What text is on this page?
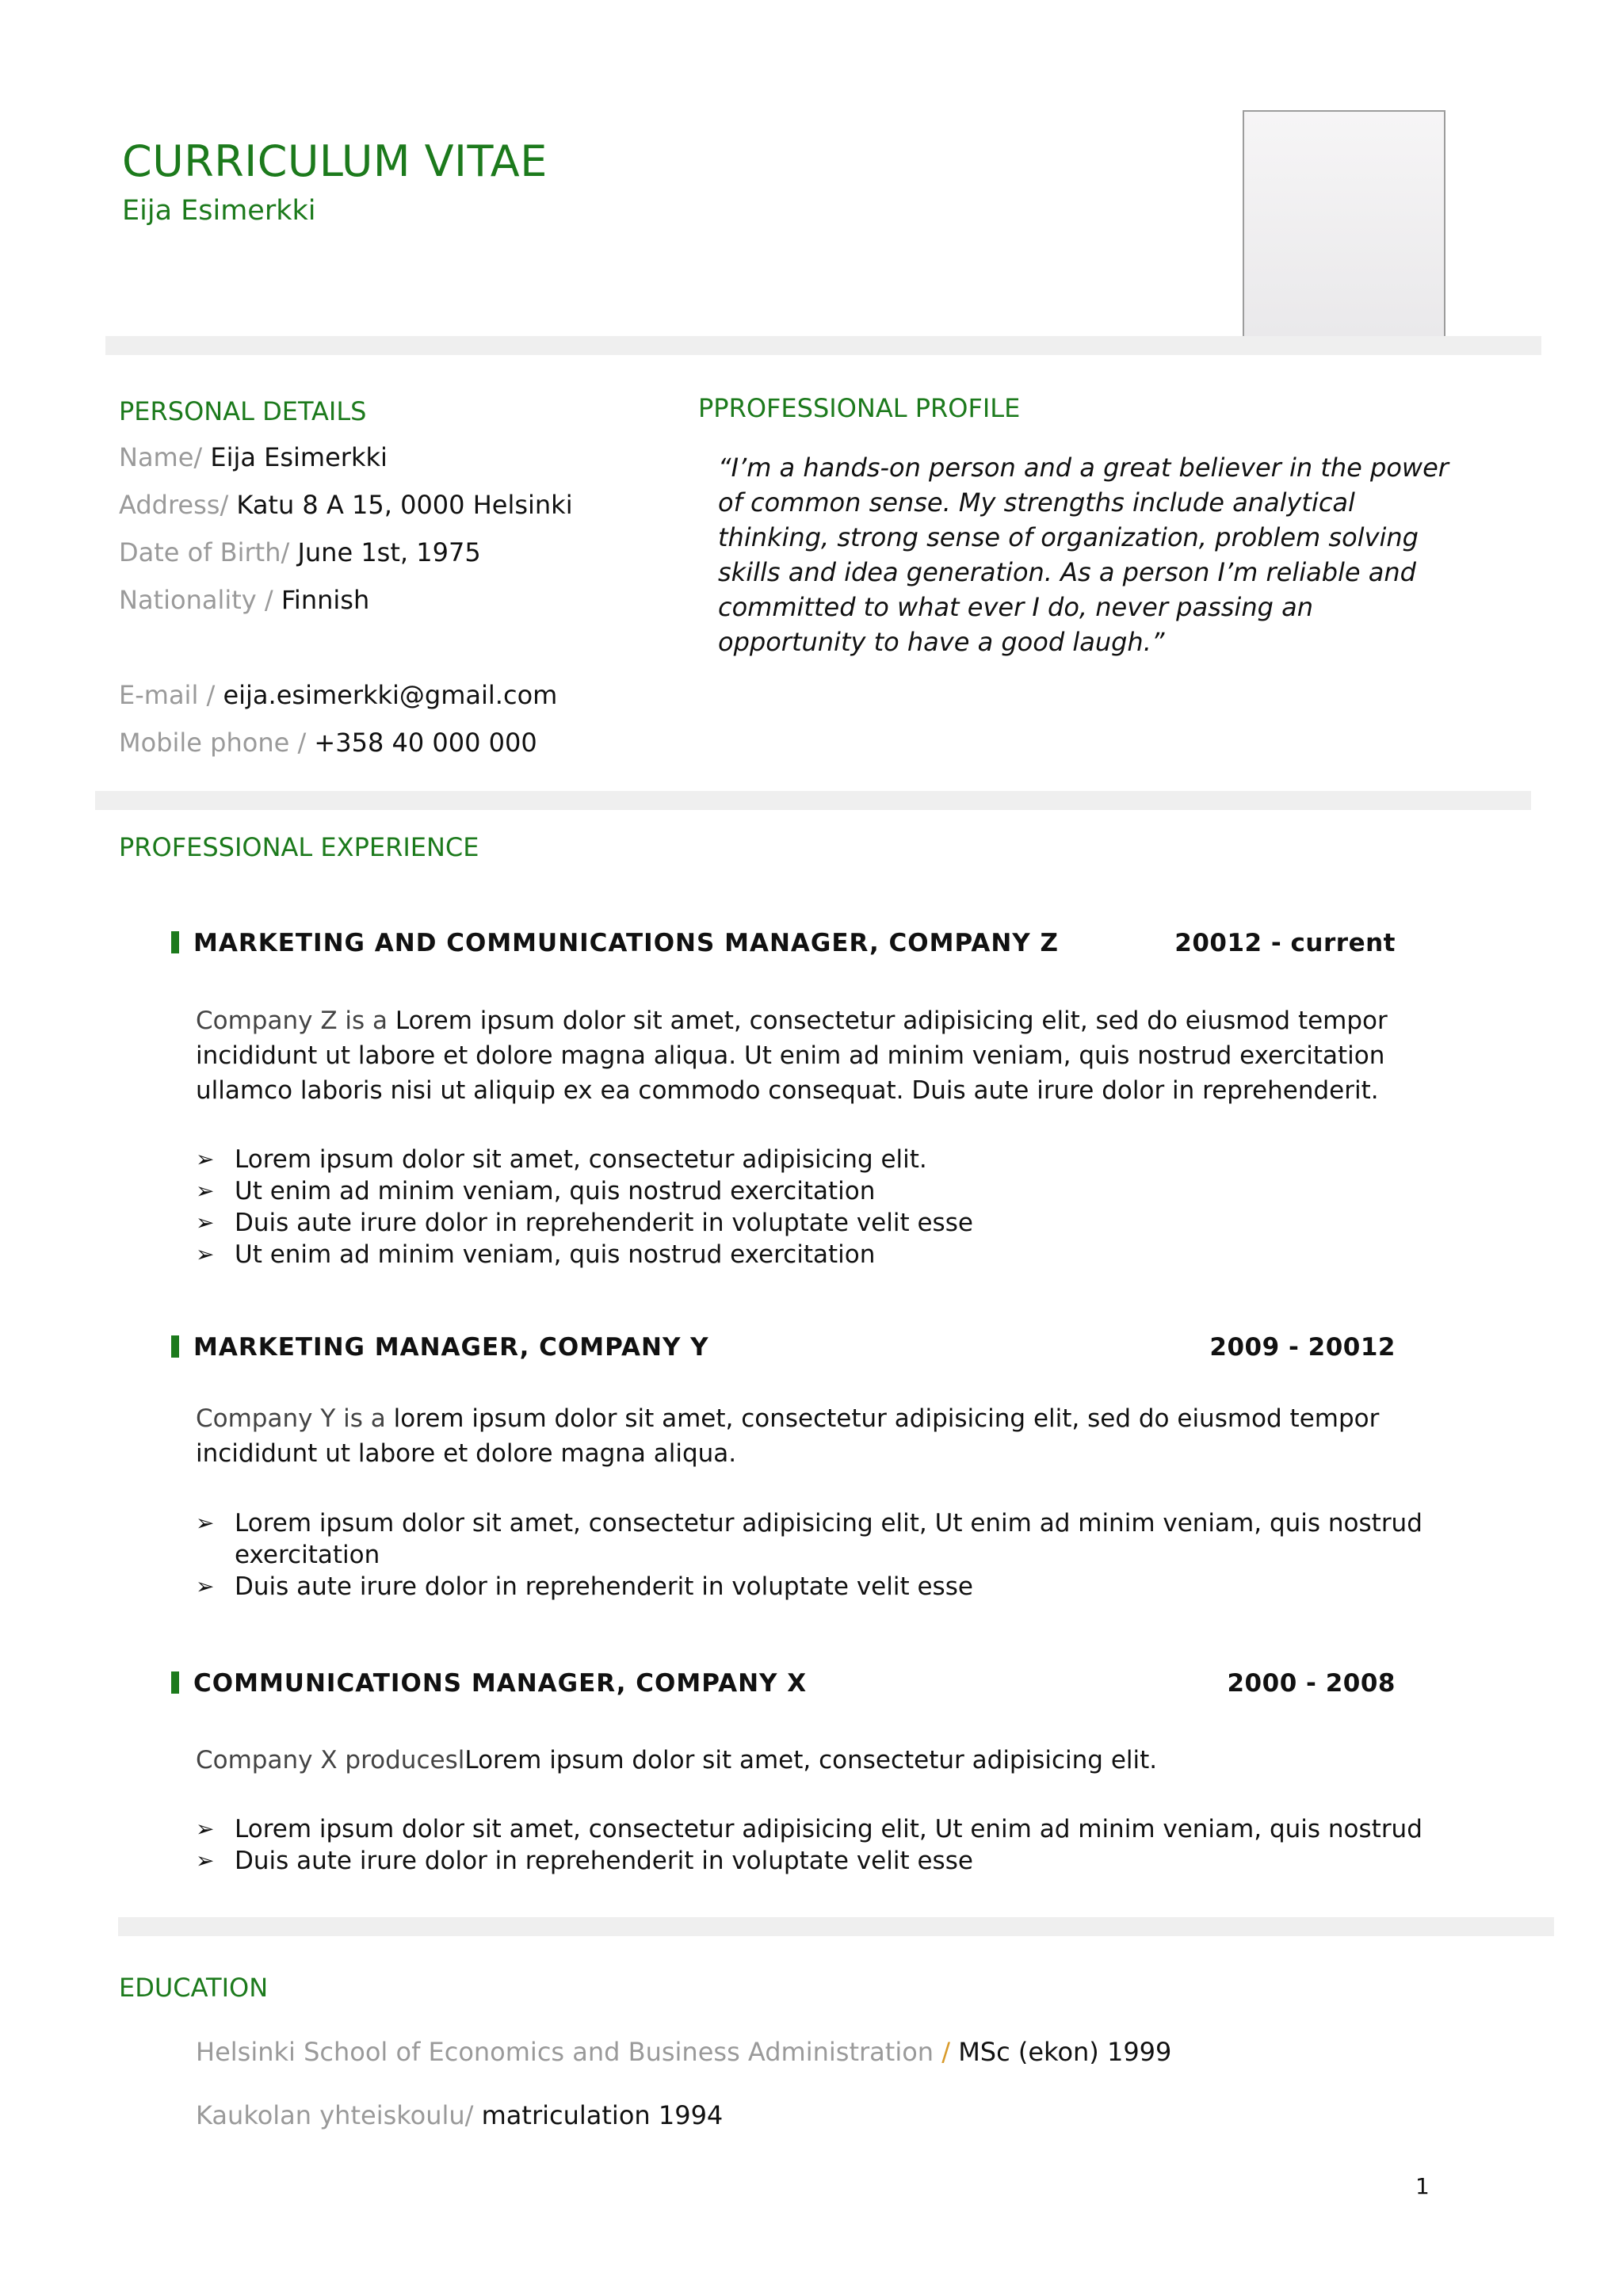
CURRICULUM VITAE
Eija Esimerkki
PERSONAL DETAILS
Name/ Eija Esimerkki
Address/ Katu 8 A 15, 0000 Helsinki
Date of Birth/ June 1st, 1975
Nationality / Finnish
E-mail / eija.esimerkki@gmail.com
Mobile phone / +358 40 000 000
PPROFESSIONAL PROFILE
“I’m a hands-on person and a great believer in the power
of common sense. My strengths include analytical
thinking, strong sense of organization, problem solving
skills and idea generation. As a person I’m reliable and
committed to what ever I do, never passing an
opportunity to have a good laugh.”
PROFESSIONAL EXPERIENCE
MARKETING AND COMMUNICATIONS MANAGER, COMPANY Z	20012 - current
Company Z is a Lorem ipsum dolor sit amet, consectetur adipisicing elit, sed do eiusmod tempor
incididunt ut labore et dolore magna aliqua. Ut enim ad minim veniam, quis nostrud exercitation
ullamco laboris nisi ut aliquip ex ea commodo consequat. Duis aute irure dolor in reprehenderit.
➢ Lorem ipsum dolor sit amet, consectetur adipisicing elit.
➢ Ut enim ad minim veniam, quis nostrud exercitation
➢ Duis aute irure dolor in reprehenderit in voluptate velit esse
➢ Ut enim ad minim veniam, quis nostrud exercitation
MARKETING MANAGER, COMPANY Y	2009 - 20012
Company Y is a lorem ipsum dolor sit amet, consectetur adipisicing elit, sed do eiusmod tempor
incididunt ut labore et dolore magna aliqua.
➢ Lorem ipsum dolor sit amet, consectetur adipisicing elit, Ut enim ad minim veniam, quis nostrud exercitation
➢ Duis aute irure dolor in reprehenderit in voluptate velit esse
COMMUNICATIONS MANAGER, COMPANY X	2000 - 2008
Company X produceslLorem ipsum dolor sit amet, consectetur adipisicing elit.
➢ Lorem ipsum dolor sit amet, consectetur adipisicing elit, Ut enim ad minim veniam, quis nostrud
➢ Duis aute irure dolor in reprehenderit in voluptate velit esse
EDUCATION
Helsinki School of Economics and Business Administration / MSc (ekon) 1999
Kaukolan yhteiskoulu/ matriculation 1994
1
